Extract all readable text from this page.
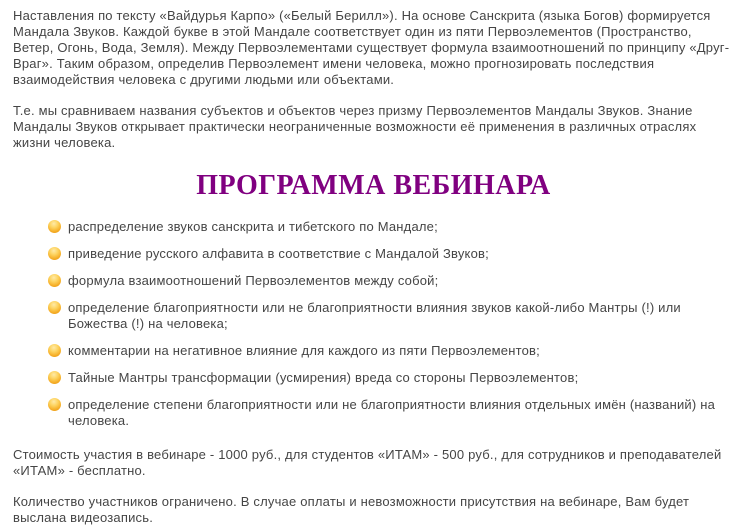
Наставления по тексту «Вайдурья Карпо» («Белый Берилл»). На основе Санскрита (языка Богов) формируется Мандала Звуков. Каждой букве в этой Мандале соответствует один из пяти Первоэлементов (Пространство, Ветер, Огонь, Вода, Земля). Между Первоэлементами существует формула взаимоотношений по принципу «Друг-Враг». Таким образом, определив Первоэлемент имени человека, можно прогнозировать последствия взаимодействия человека с другими людьми или объектами.

Т.е. мы сравниваем названия субъектов и объектов через призму Первоэлементов Мандалы Звуков. Знание Мандалы Звуков открывает практически неограниченные возможности её применения в различных отраслях жизни человека.

ПРОГРАММА ВЕБИНАРА
распределение звуков санскрита и тибетского по Мандале;
приведение русского алфавита в соответствие с Мандалой Звуков;
формула взаимоотношений Первоэлементов между собой;
определение благоприятности или не благоприятности влияния звуков какой-либо Мантры (!) или Божества (!) на человека;
комментарии на негативное влияние для каждого из пяти Первоэлементов;
Тайные Мантры трансформации (усмирения) вреда со стороны Первоэлементов;
определение степени благоприятности или не благоприятности влияния отдельных имён (названий) на человека.

Стоимость участия в вебинаре - 1000 руб., для студентов «ИТАМ» - 500 руб., для сотрудников и преподавателей «ИТАМ» - бесплатно.

Количество участников ограничено. В случае оплаты и невозможности присутствия на вебинаре, Вам будет выслана видеозапись.
